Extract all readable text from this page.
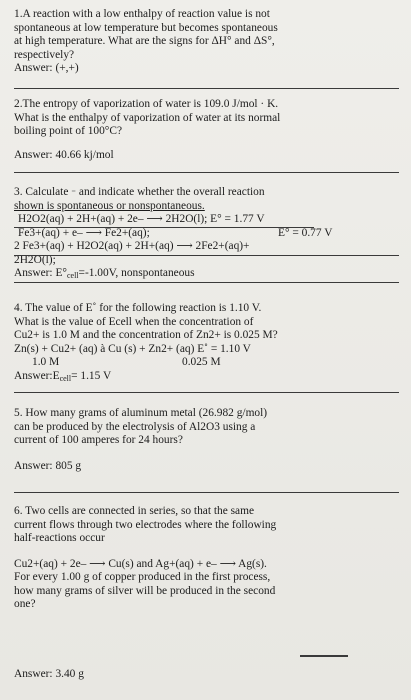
1.A reaction with a low enthalpy of reaction value is not
spontaneous at low temperature but becomes spontaneous
at high temperature. What are the signs for ΔH° and ΔS°,
respectively?
Answer: (+,+)
2.The entropy of vaporization of water is 109.0 J/mol · K.
What is the enthalpy of vaporization of water at its normal
boiling point of 100°C?
Answer: 40.66 kj/mol
3. Calculate ⁼ and indicate whether the overall reaction
shown is spontaneous or nonspontaneous.
H2O2(aq) + 2H+(aq) + 2e– ⟶ 2H2O(l); E° = 1.77 V
Fe3+(aq) + e– ⟶ Fe2+(aq);	E° = 0.77 V
2 Fe3+(aq) + H2O2(aq) + 2H+(aq) ⟶ 2Fe2+(aq)+
2H2O(l);
Answer: $E^\circ_{cell}=-1.00V$, nonspontaneous
4. The value of E˚ for the following reaction is 1.10 V.
What is the value of Ecell when the concentration of
Cu2+ is 1.0 M and the concentration of Zn2+ is 0.025 M?
Zn(s) + Cu2+ (aq) à Cu (s) + Zn2+ (aq) E˚ = 1.10 V
1.0 M	0.025 M
$Answer:E_{cell}= 1.15$ V
5. How many grams of aluminum metal (26.982 g/mol)
can be produced by the electrolysis of Al2O3 using a
current of 100 amperes for 24 hours?
Answer: 805 g
6. Two cells are connected in series, so that the same
current flows through two electrodes where the following
half-reactions occur
Cu2+(aq) + 2e– ⟶ Cu(s) and Ag+(aq) + e– ⟶ Ag(s).
For every 1.00 g of copper produced in the first process,
how many grams of silver will be produced in the second
one?
Answer: 3.40 g
